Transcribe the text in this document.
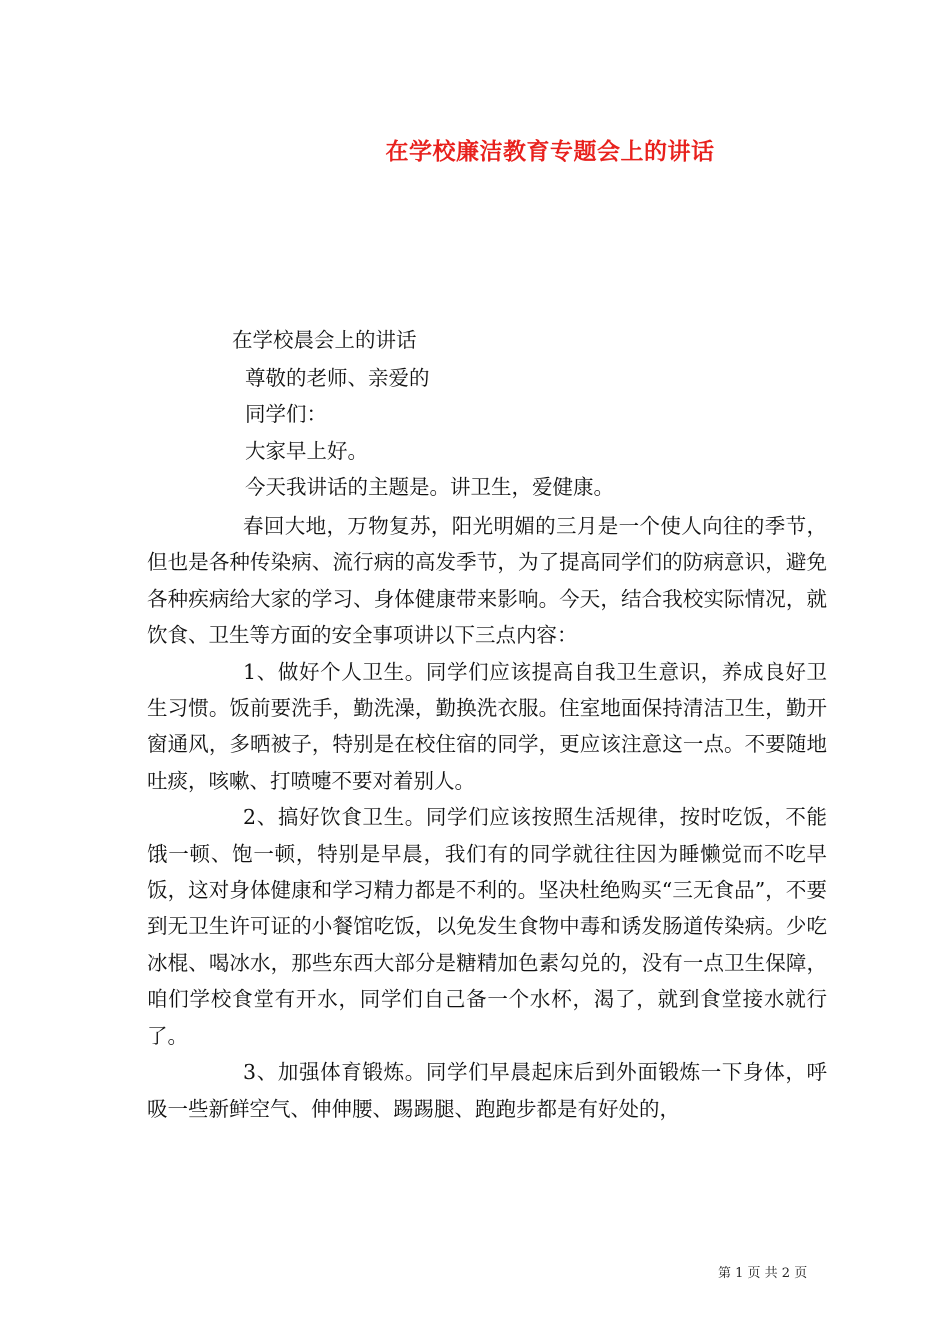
在学校廉洁教育专题会上的讲话
在学校晨会上的讲话
尊敬的老师、亲爱的
同学们：
大家早上好。
今天我讲话的主题是。讲卫生，爱健康。

春回大地，万物复苏，阳光明媚的三月是一个使人向往的季节，但也是各种传染病、流行病的高发季节，为了提高同学们的防病意识，避免各种疾病给大家的学习、身体健康带来影响。今天，结合我校实际情况，就饮食、卫生等方面的安全事项讲以下三点内容：

1、做好个人卫生。同学们应该提高自我卫生意识，养成良好卫生习惯。饭前要洗手，勤洗澡，勤换洗衣服。住室地面保持清洁卫生，勤开窗通风，多晒被子，特别是在校住宿的同学，更应该注意这一点。不要随地吐痰，咳嗽、打喷嚏不要对着别人。

2、搞好饮食卫生。同学们应该按照生活规律，按时吃饭，不能饿一顿、饱一顿，特别是早晨，我们有的同学就往往因为睡懒觉而不吃早饭，这对身体健康和学习精力都是不利的。坚决杜绝购买“三无食品”，不要到无卫生许可证的小餐馆吃饭，以免发生食物中毒和诱发肠道传染病。少吃冰棍、喝冰水，那些东西大部分是糖精加色素勾兑的，没有一点卫生保障，咱们学校食堂有开水，同学们自己备一个水杯，渴了，就到食堂接水就行了。

3、加强体育锻炼。同学们早晨起床后到外面锻炼一下身体，呼吸一些新鲜空气、伸伸腰、踢踢腿、跑跑步都是有好处的，

第 1 页 共 2 页
